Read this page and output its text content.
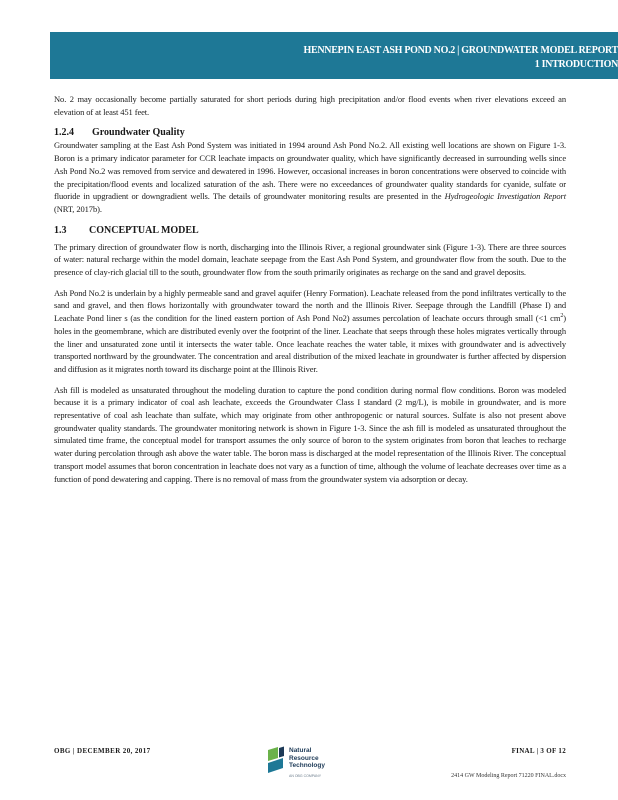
HENNEPIN EAST ASH POND NO.2 | GROUNDWATER MODEL REPORT
1 INTRODUCTION

No. 2 may occasionally become partially saturated for short periods during high precipitation and/or flood events when river elevations exceed an elevation of at least 451 feet.

1.2.4	Groundwater Quality

Groundwater sampling at the East Ash Pond System was initiated in 1994 around Ash Pond No.2. All existing well locations are shown on Figure 1-3. Boron is a primary indicator parameter for CCR leachate impacts on groundwater quality, which have significantly decreased in surrounding wells since Ash Pond No.2 was removed from service and dewatered in 1996. However, occasional increases in boron concentrations were observed to coincide with the precipitation/flood events and localized saturation of the ash. There were no exceedances of groundwater quality standards for cyanide, sulfate or fluoride in upgradient or downgradient wells. The details of groundwater monitoring results are presented in the Hydrogeologic Investigation Report (NRT, 2017b).

1.3	CONCEPTUAL MODEL

The primary direction of groundwater flow is north, discharging into the Illinois River, a regional groundwater sink (Figure 1-3). There are three sources of water: natural recharge within the model domain, leachate seepage from the East Ash Pond System, and groundwater flow from the south. Due to the presence of clay-rich glacial till to the south, groundwater flow from the south primarily originates as recharge on the sand and gravel deposits.

Ash Pond No.2 is underlain by a highly permeable sand and gravel aquifer (Henry Formation). Leachate released from the pond infiltrates vertically to the sand and gravel, and then flows horizontally with groundwater toward the north and the Illinois River. Seepage through the Landfill (Phase I) and Leachate Pond liner s (as the condition for the lined eastern portion of Ash Pond No2) assumes percolation of leachate occurs through small (<1 $cm^2$) holes in the geomembrane, which are distributed evenly over the footprint of the liner. Leachate that seeps through these holes migrates vertically through the liner and unsaturated zone until it intersects the water table. Once leachate reaches the water table, it mixes with groundwater and is advectively transported northward by the groundwater. The concentration and areal distribution of the mixed leachate in groundwater is further affected by dispersion and diffusion as it migrates north toward its discharge point at the Illinois River.

Ash fill is modeled as unsaturated throughout the modeling duration to capture the pond condition during normal flow conditions. Boron was modeled because it is a primary indicator of coal ash leachate, exceeds the Groundwater Class I standard (2 mg/L), is mobile in groundwater, and is more representative of coal ash leachate than sulfate, which may originate from other anthropogenic or natural sources. Sulfate is also not present above groundwater quality standards. The groundwater monitoring network is shown in Figure 1-3. Since the ash fill is modeled as unsaturated throughout the simulated time frame, the conceptual model for transport assumes the only source of boron to the system originates from boron that leaches to recharge water during percolation through ash above the water table. The boron mass is discharged at the model representation of the Illinois River. The conceptual transport model assumes that boron concentration in leachate does not vary as a function of time, although the volume of leachate decreases over time as a function of pond dewatering and capping. There is no removal of mass from the groundwater system via adsorption or decay.

OBG | DECEMBER 20, 2017	Natural
Resource
Technology
AN OBG COMPANY
FINAL | 3 OF 12
2414 GW Modeling Report 71220 FINAL.docx
